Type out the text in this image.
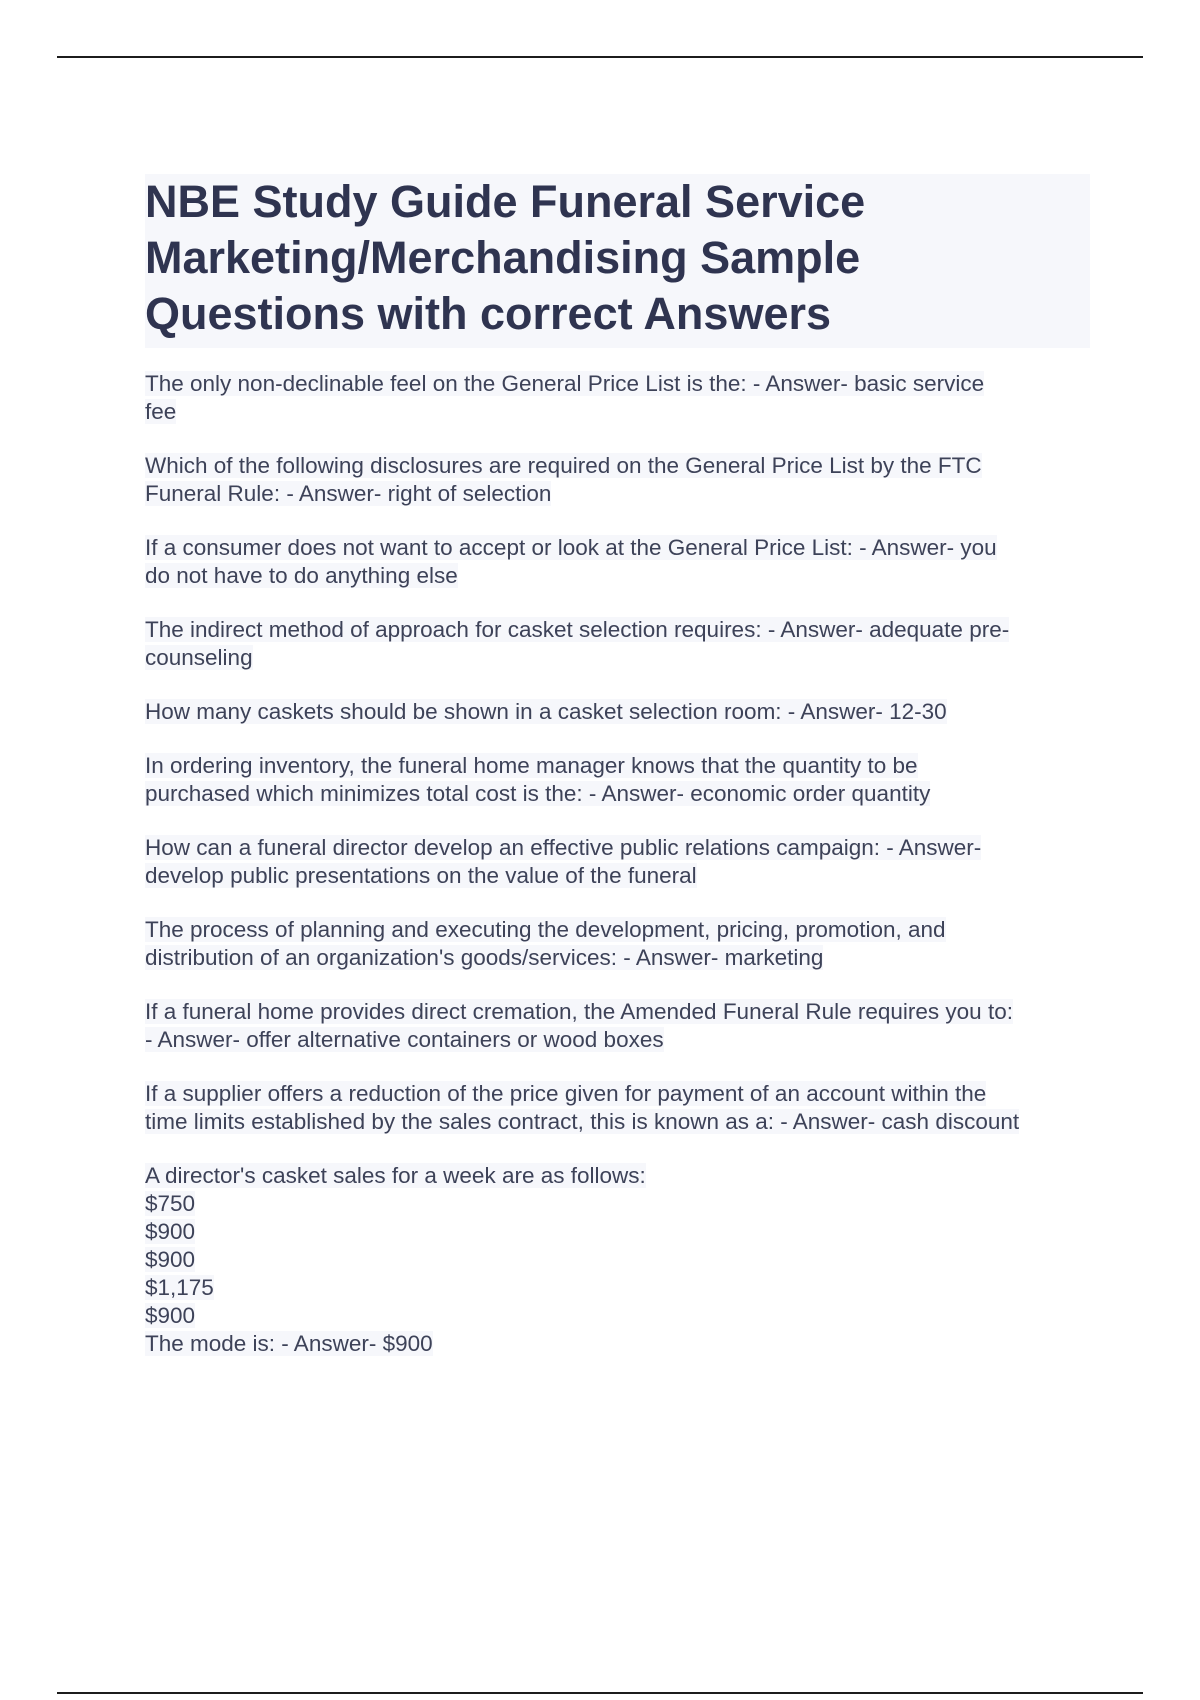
NBE Study Guide Funeral Service Marketing/Merchandising Sample Questions with correct Answers
The only non-declinable feel on the General Price List is the: - Answer- basic service
fee
Which of the following disclosures are required on the General Price List by the FTC
Funeral Rule: - Answer- right of selection
If a consumer does not want to accept or look at the General Price List: - Answer- you
do not have to do anything else
The indirect method of approach for casket selection requires: - Answer- adequate pre-
counseling
How many caskets should be shown in a casket selection room: - Answer- 12-30
In ordering inventory, the funeral home manager knows that the quantity to be
purchased which minimizes total cost is the: - Answer- economic order quantity
How can a funeral director develop an effective public relations campaign: - Answer-
develop public presentations on the value of the funeral
The process of planning and executing the development, pricing, promotion, and
distribution of an organization's goods/services: - Answer- marketing
If a funeral home provides direct cremation, the Amended Funeral Rule requires you to:
- Answer- offer alternative containers or wood boxes
If a supplier offers a reduction of the price given for payment of an account within the
time limits established by the sales contract, this is known as a: - Answer- cash discount
A director's casket sales for a week are as follows:
$750
$900
$900
$1,175
$900
The mode is: - Answer- $900
